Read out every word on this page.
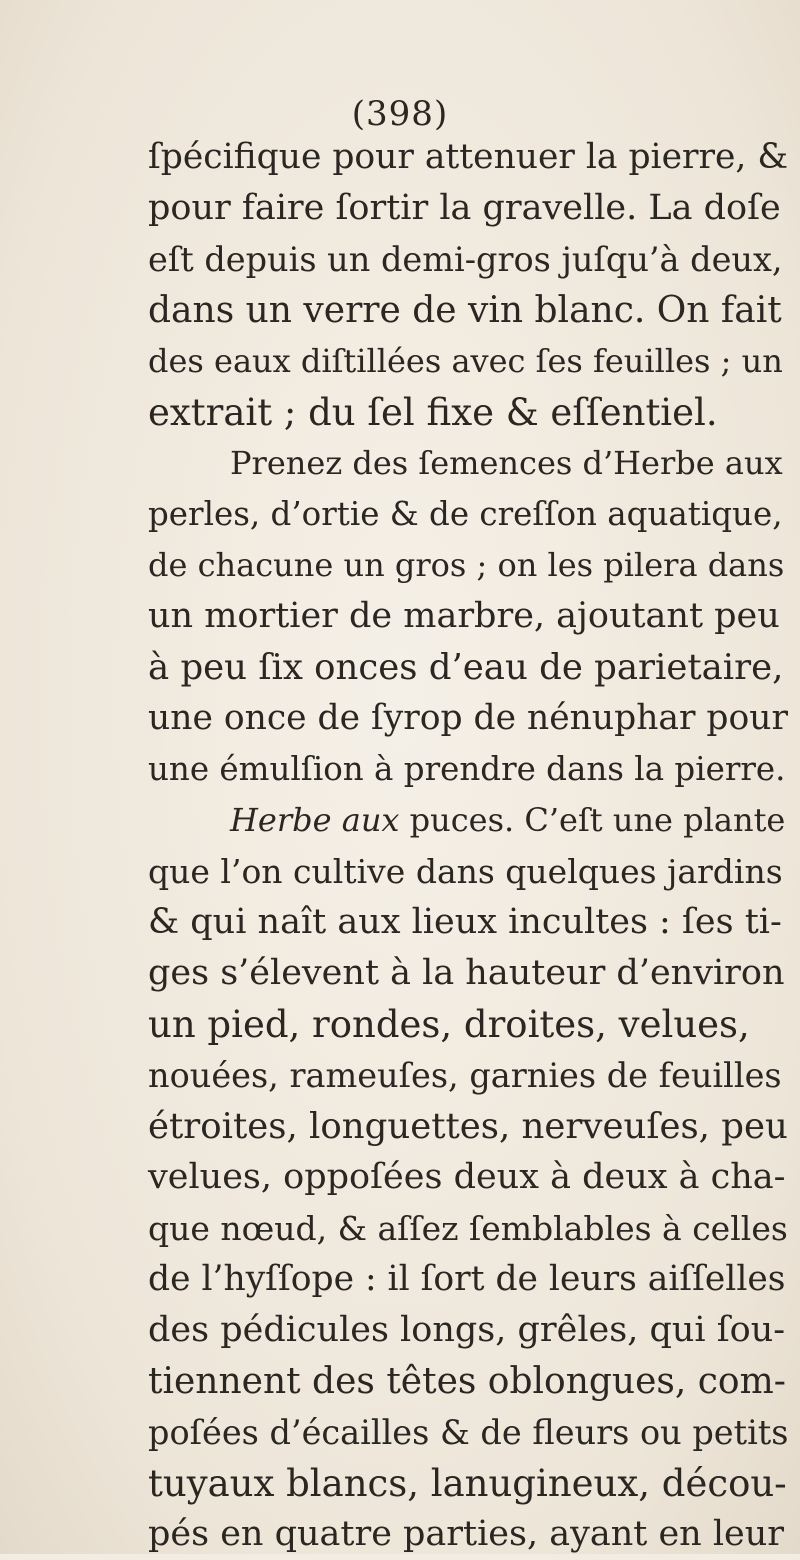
(398)
ſpécifique pour attenuer la pierre, &
pour faire ſortir la gravelle. La doſe
eſt depuis un demi-gros juſqu’à deux,
dans un verre de vin blanc. On fait
des eaux diſtillées avec ſes feuilles ; un
extrait ; du ſel fixe & eſſentiel.
Prenez des ſemences d’Herbe aux
perles, d’ortie & de creſſon aquatique,
de chacune un gros ; on les pilera dans
un mortier de marbre, ajoutant peu
à peu ſix onces d’eau de parietaire,
une once de ſyrop de nénuphar pour
une émulſion à prendre dans la pierre.
Herbe aux puces. C’eſt une plante
que l’on cultive dans quelques jardins
& qui naît aux lieux incultes : ſes ti-
ges s’élevent à la hauteur d’environ
un pied, rondes, droites, velues,
nouées, rameuſes, garnies de feuilles
étroites, longuettes, nerveuſes, peu
velues, oppoſées deux à deux à cha-
que nœud, & aſſez ſemblables à celles
de l’hyſſope : il ſort de leurs aiſſelles
des pédicules longs, grêles, qui ſou-
tiennent des têtes oblongues, com-
poſées d’écailles & de fleurs ou petits
tuyaux blancs, lanugineux, décou-
pés en quatre parties, ayant en leur
